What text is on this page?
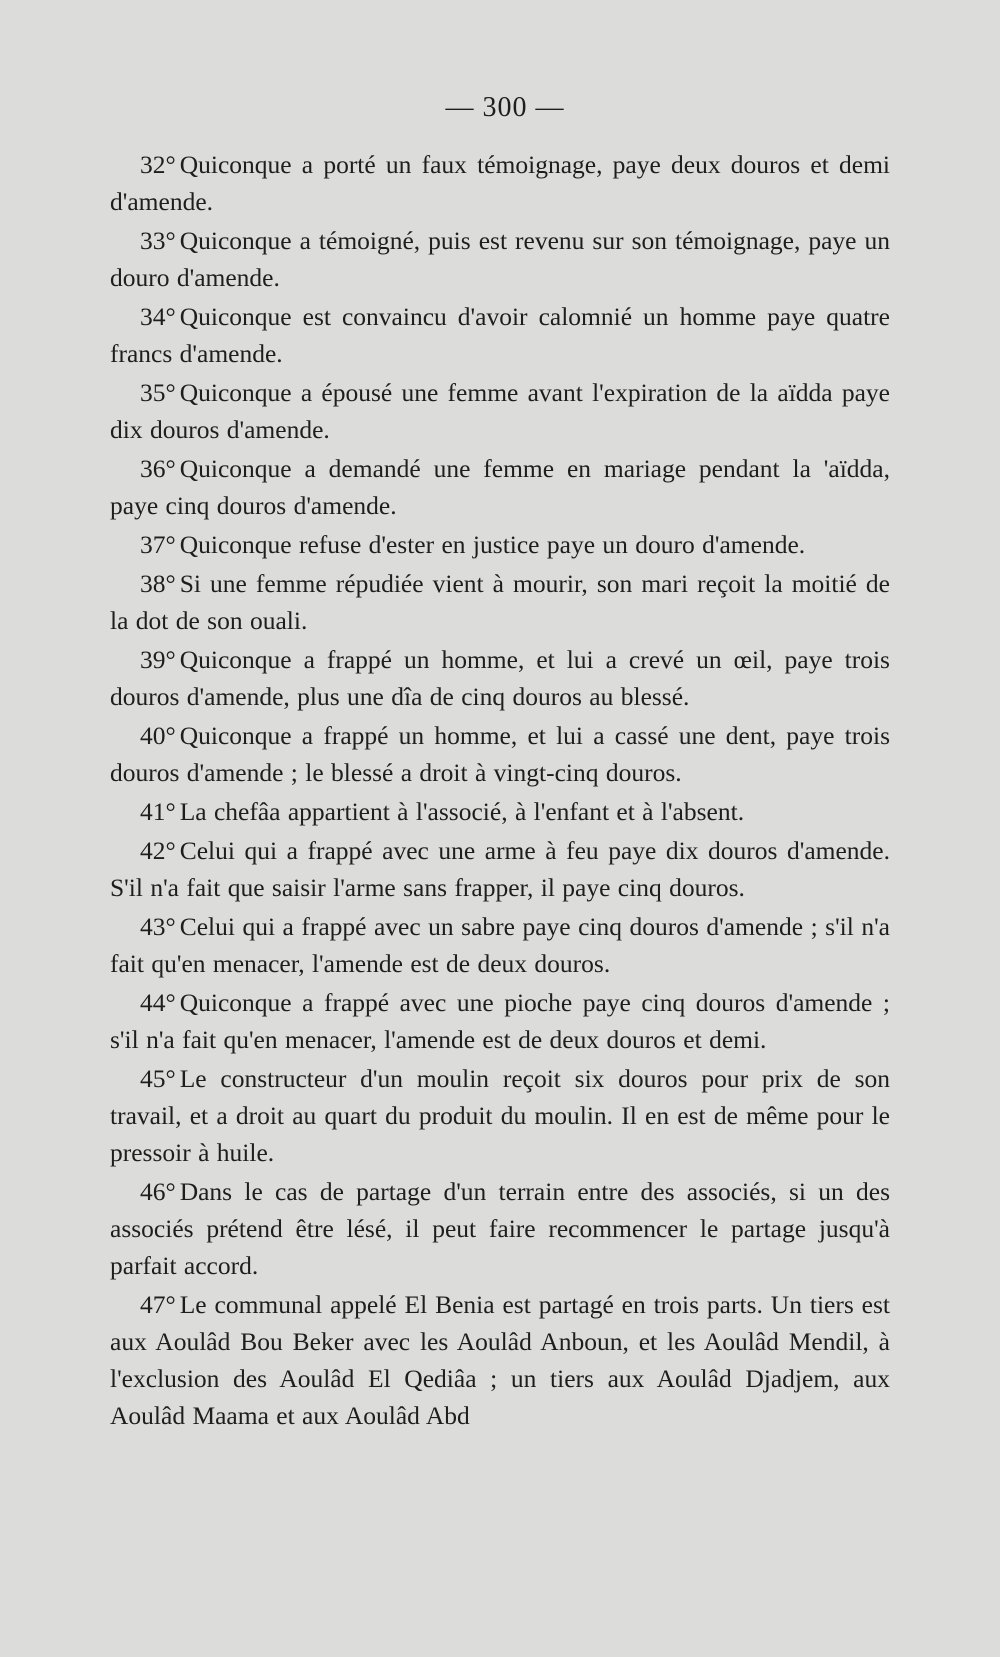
— 300 —

32° Quiconque a porté un faux témoignage, paye deux douros et demi d'amende.

33° Quiconque a témoigné, puis est revenu sur son témoignage, paye un douro d'amende.

34° Quiconque est convaincu d'avoir calomnié un homme paye quatre francs d'amende.

35° Quiconque a épousé une femme avant l'expiration de la aïdda paye dix douros d'amende.

36° Quiconque a demandé une femme en mariage pendant la 'aïdda, paye cinq douros d'amende.

37° Quiconque refuse d'ester en justice paye un douro d'amende.

38° Si une femme répudiée vient à mourir, son mari reçoit la moitié de la dot de son ouali.

39° Quiconque a frappé un homme, et lui a crevé un œil, paye trois douros d'amende, plus une dîa de cinq douros au blessé.

40° Quiconque a frappé un homme, et lui a cassé une dent, paye trois douros d'amende ; le blessé a droit à vingt-cinq douros.

41° La chefâa appartient à l'associé, à l'enfant et à l'absent.

42° Celui qui a frappé avec une arme à feu paye dix douros d'amende. S'il n'a fait que saisir l'arme sans frapper, il paye cinq douros.

43° Celui qui a frappé avec un sabre paye cinq douros d'amende ; s'il n'a fait qu'en menacer, l'amende est de deux douros.

44° Quiconque a frappé avec une pioche paye cinq douros d'amende ; s'il n'a fait qu'en menacer, l'amende est de deux douros et demi.

45° Le constructeur d'un moulin reçoit six douros pour prix de son travail, et a droit au quart du produit du moulin. Il en est de même pour le pressoir à huile.

46° Dans le cas de partage d'un terrain entre des associés, si un des associés prétend être lésé, il peut faire recommencer le partage jusqu'à parfait accord.

47° Le communal appelé El Benia est partagé en trois parts. Un tiers est aux Aoulâd Bou Beker avec les Aoulâd Anboun, et les Aoulâd Mendil, à l'exclusion des Aoulâd El Qediâa ; un tiers aux Aoulâd Djadjem, aux Aoulâd Maama et aux Aoulâd Abd
